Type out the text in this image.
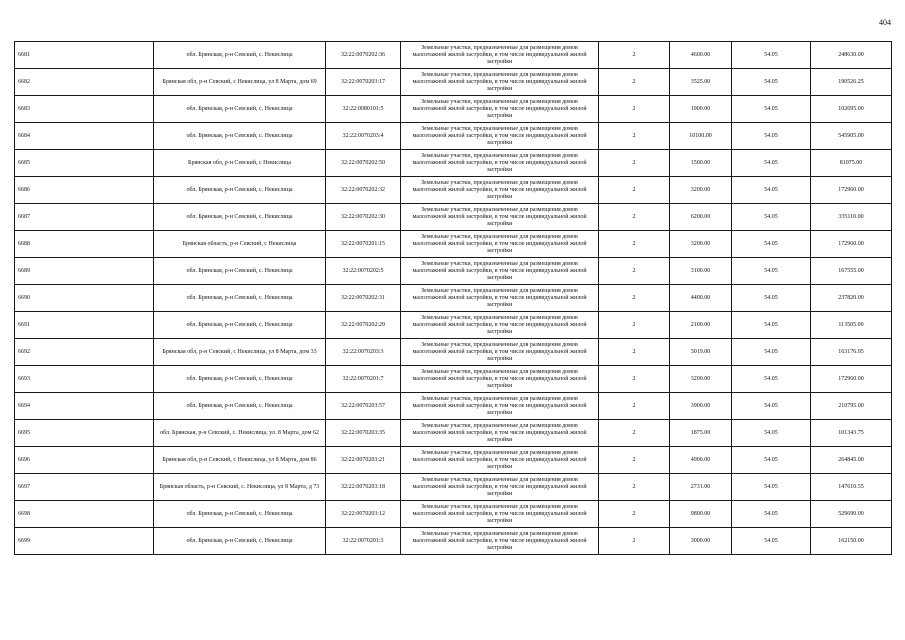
404
6681	обл. Брянская, р-н Севский, с. Некислица	32:22:0070202:36	Земельные участки, предназначенные для размещения домов малоэтажной жилой застройки, в том числе индивидуальной жилой застройки	2	4600.00	54.05	248630.00
6682	Брянская обл, р-н Севский, с Некислица, ул 8 Марта, дом 69	32:22:0070203:17	Земельные участки, предназначенные для размещения домов малоэтажной жилой застройки, в том числе индивидуальной жилой застройки	2	3525.00	54.05	190526.25
6683	обл. Брянская, р-н Севский, с. Некислица	32:22:0080101:5	Земельные участки, предназначенные для размещения домов малоэтажной жилой застройки, в том числе индивидуальной жилой застройки	2	1900.00	54.05	102695.00
6684	обл. Брянская, р-н Севский, с. Некислица	32:22:0070203:4	Земельные участки, предназначенные для размещения домов малоэтажной жилой застройки, в том числе индивидуальной жилой застройки	2	10100.00	54.05	545905.00
6685	Брянская обл, р-н Севский, с Некислица	32:22:0070202:50	Земельные участки, предназначенные для размещения домов малоэтажной жилой застройки, в том числе индивидуальной жилой застройки	2	1500.00	54.05	81075.00
6686	обл. Брянская, р-н Севский, с. Некислица	32:22:0070202:32	Земельные участки, предназначенные для размещения домов малоэтажной жилой застройки, в том числе индивидуальной жилой застройки	2	3200.00	54.05	172960.00
6687	обл. Брянская, р-н Севский, с. Некислица	32:22:0070202:30	Земельные участки, предназначенные для размещения домов малоэтажной жилой застройки, в том числе индивидуальной жилой застройки	2	6200.00	54.05	335110.00
6688	Брянская область, р-н Севский, с Некислица	32:22:0070201:15	Земельные участки, предназначенные для размещения домов малоэтажной жилой застройки, в том числе индивидуальной жилой застройки	2	3200.00	54.05	172960.00
6689	обл. Брянская, р-н Севский, с. Некислица	32:22:0070202:5	Земельные участки, предназначенные для размещения домов малоэтажной жилой застройки, в том числе индивидуальной жилой застройки	2	3100.00	54.05	167555.00
6690	обл. Брянская, р-н Севский, с. Некислица	32:22:0070202:31	Земельные участки, предназначенные для размещения домов малоэтажной жилой застройки, в том числе индивидуальной жилой застройки	2	4400.00	54.05	237820.00
6691	обл. Брянская, р-н Севский, с. Некислица	32:22:0070202:29	Земельные участки, предназначенные для размещения домов малоэтажной жилой застройки, в том числе индивидуальной жилой застройки	2	2100.00	54.05	113505.00
6692	Брянская обл, р-н Севский, с Некислица, ул 8 Марта, дом 33	32:22:0070203:3	Земельные участки, предназначенные для размещения домов малоэтажной жилой застройки, в том числе индивидуальной жилой застройки	2	3019.00	54.05	163176.95
6693	обл. Брянская, р-н Севский, с. Некислица	32:22:0070201:7	Земельные участки, предназначенные для размещения домов малоэтажной жилой застройки, в том числе индивидуальной жилой застройки	2	3200.00	54.05	172960.00
6694	обл. Брянская, р-н Севский, с. Некислица	32:22:0070203:57	Земельные участки, предназначенные для размещения домов малоэтажной жилой застройки, в том числе индивидуальной жилой застройки	2	3900.00	54.05	210795.00
6695	обл. Брянская, р-н Севский, с. Некислица, ул. 8 Марта, дом 62	32:22:0070203:35	Земельные участки, предназначенные для размещения домов малоэтажной жилой застройки, в том числе индивидуальной жилой застройки	2	1875.00	54.05	101343.75
6696	Брянская обл, р-н Севский, с Некислица, ул 8 Марта, дом 86	32:22:0070203:21	Земельные участки, предназначенные для размещения домов малоэтажной жилой застройки, в том числе индивидуальной жилой застройки	2	4900.00	54.05	264845.00
6697	Брянская область, р-н Севский, с. Некислица, ул 8 Марта, д 73	32:22:0070203:18	Земельные участки, предназначенные для размещения домов малоэтажной жилой застройки, в том числе индивидуальной жилой застройки	2	2731.00	54.05	147610.55
6698	обл. Брянская, р-н Севский, с. Некислица	32:22:0070203:12	Земельные участки, предназначенные для размещения домов малоэтажной жилой застройки, в том числе индивидуальной жилой застройки	2	9800.00	54.05	529690.00
6699	обл. Брянская, р-н Севский, с. Некислица	32:22:0070201:3	Земельные участки, предназначенные для размещения домов малоэтажной жилой застройки, в том числе индивидуальной жилой застройки	2	3000.00	54.05	162150.00
